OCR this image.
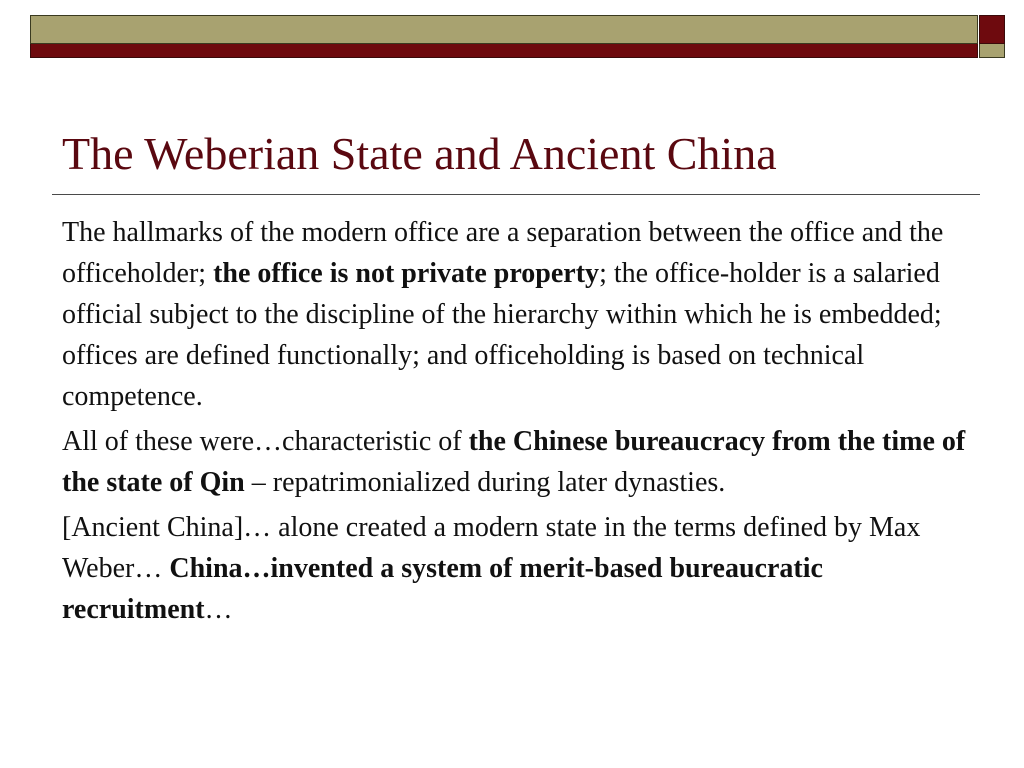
The Weberian State and Ancient China

The hallmarks of the modern office are a separation between the office and the officeholder; the office is not private property; the office-holder is a salaried official subject to the discipline of the hierarchy within which he is embedded; offices are defined functionally; and officeholding is based on technical competence.

All of these were…characteristic of the Chinese bureaucracy from the time of the state of Qin – repatrimonialized during later dynasties.

[Ancient China]… alone created a modern state in the terms defined by Max Weber… China…invented a system of merit-based bureaucratic recruitment…
